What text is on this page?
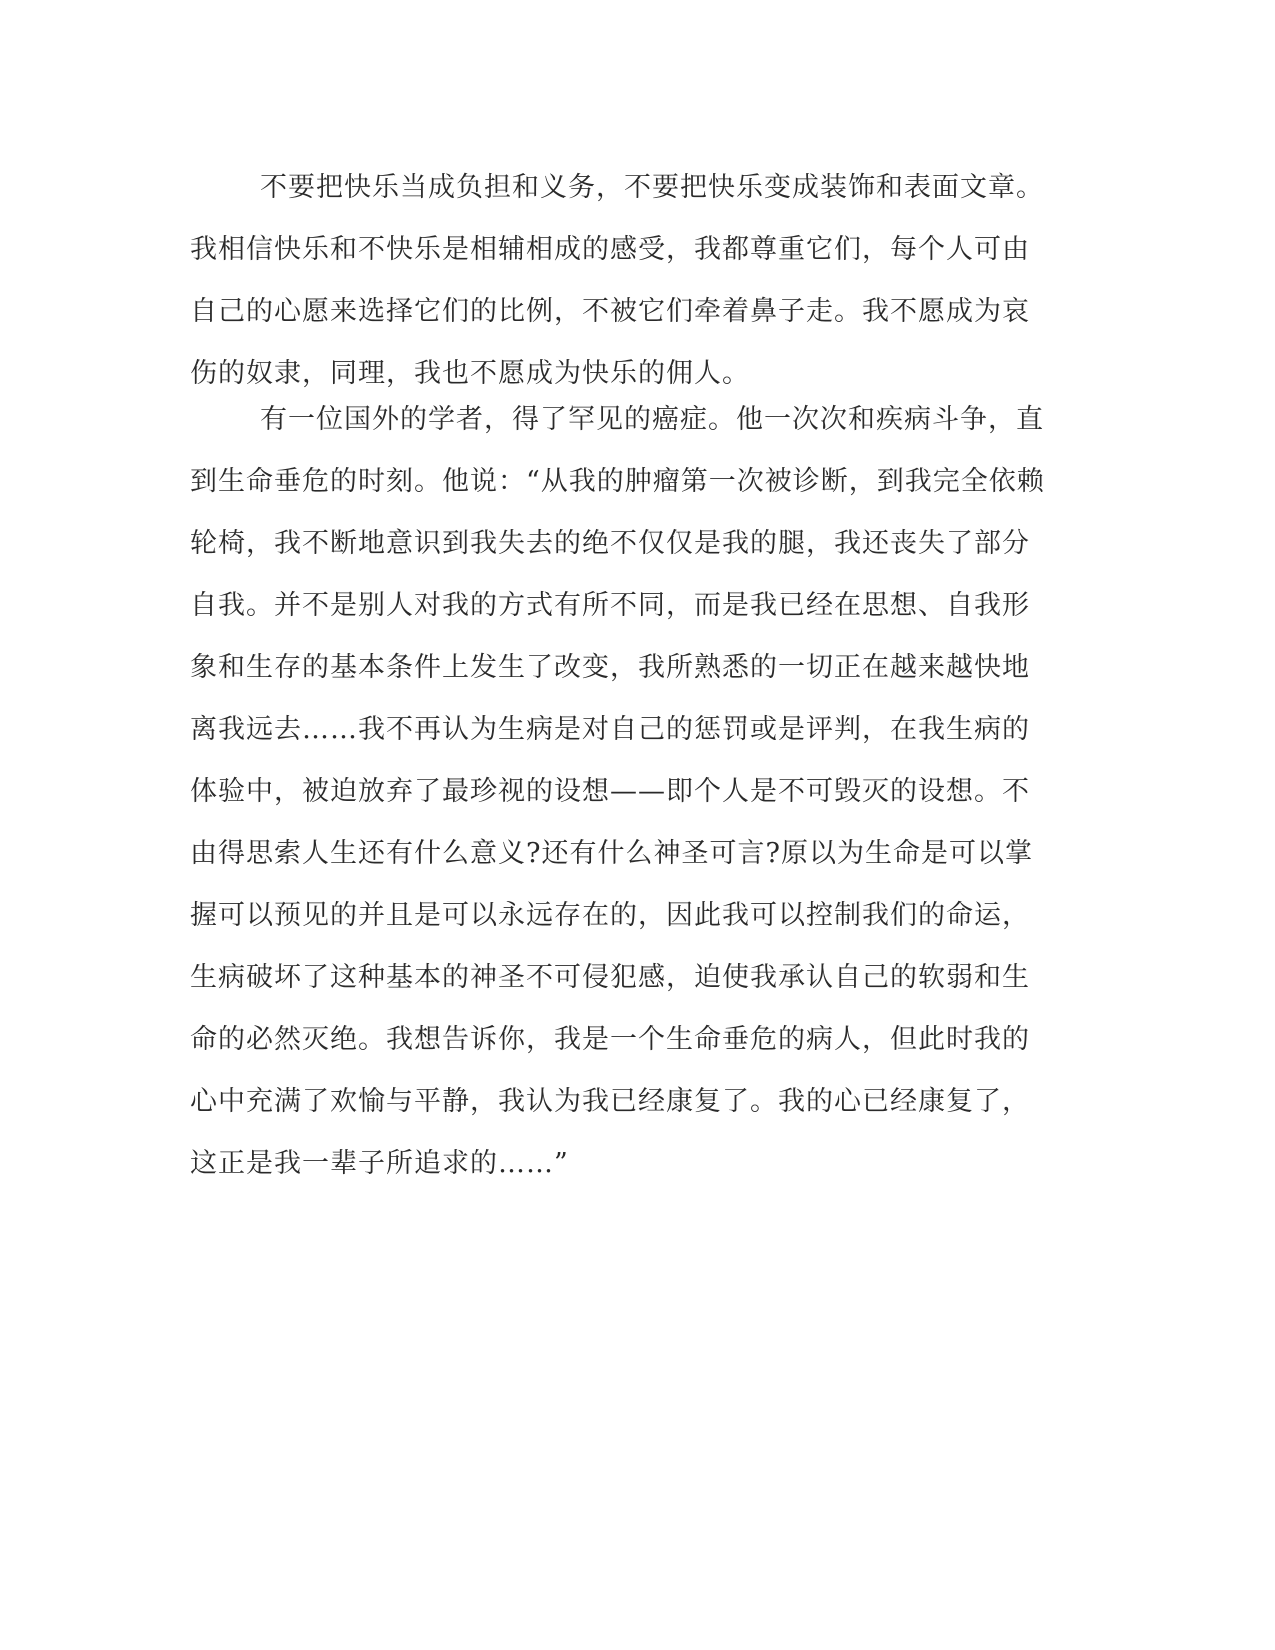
不要把快乐当成负担和义务，不要把快乐变成装饰和表面文章。
我相信快乐和不快乐是相辅相成的感受，我都尊重它们，每个人可由
自己的心愿来选择它们的比例，不被它们牵着鼻子走。我不愿成为哀
伤的奴隶，同理，我也不愿成为快乐的佣人。
有一位国外的学者，得了罕见的癌症。他一次次和疾病斗争，直
到生命垂危的时刻。他说：“从我的肿瘤第一次被诊断，到我完全依赖
轮椅，我不断地意识到我失去的绝不仅仅是我的腿，我还丧失了部分
自我。并不是别人对我的方式有所不同，而是我已经在思想、自我形
象和生存的基本条件上发生了改变，我所熟悉的一切正在越来越快地
离我远去……我不再认为生病是对自己的惩罚或是评判，在我生病的
体验中，被迫放弃了最珍视的设想——即个人是不可毁灭的设想。不
由得思索人生还有什么意义?还有什么神圣可言?原以为生命是可以掌
握可以预见的并且是可以永远存在的，因此我可以控制我们的命运，
生病破坏了这种基本的神圣不可侵犯感，迫使我承认自己的软弱和生
命的必然灭绝。我想告诉你，我是一个生命垂危的病人，但此时我的
心中充满了欢愉与平静，我认为我已经康复了。我的心已经康复了，
这正是我一辈子所追求的……”
